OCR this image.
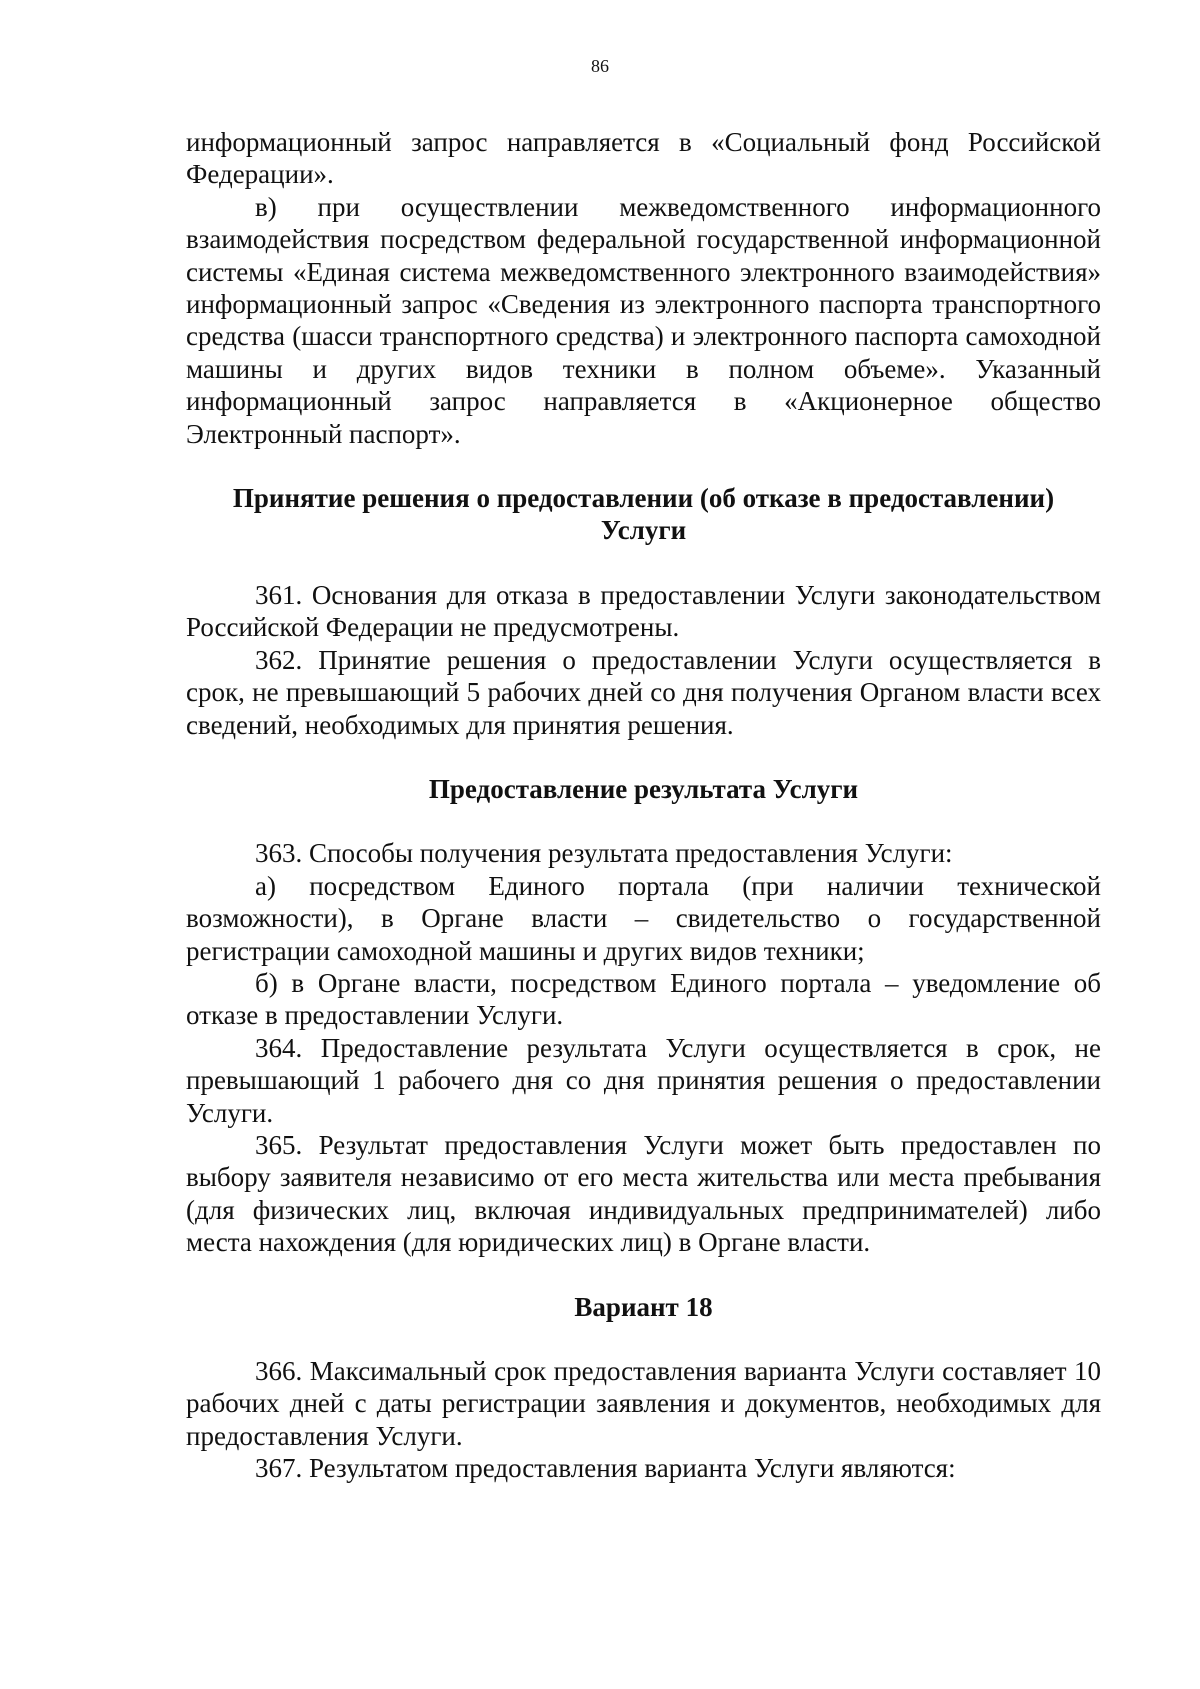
86

информационный запрос направляется в «Социальный фонд Российской Федерации».

в) при осуществлении межведомственного информационного взаимодействия посредством федеральной государственной информационной системы «Единая система межведомственного электронного взаимодействия» информационный запрос «Сведения из электронного паспорта транспортного средства (шасси транспортного средства) и электронного паспорта самоходной машины и других видов техники в полном объеме». Указанный информационный запрос направляется в «Акционерное общество Электронный паспорт».

Принятие решения о предоставлении (об отказе в предоставлении)
Услуги

361. Основания для отказа в предоставлении Услуги законодательством Российской Федерации не предусмотрены.

362. Принятие решения о предоставлении Услуги осуществляется в срок, не превышающий 5 рабочих дней со дня получения Органом власти всех сведений, необходимых для принятия решения.

Предоставление результата Услуги

363. Способы получения результата предоставления Услуги:

а) посредством Единого портала (при наличии технической возможности), в Органе власти – свидетельство о государственной регистрации самоходной машины и других видов техники;

б) в Органе власти, посредством Единого портала – уведомление об отказе в предоставлении Услуги.

364. Предоставление результата Услуги осуществляется в срок, не превышающий 1 рабочего дня со дня принятия решения о предоставлении Услуги.

365. Результат предоставления Услуги может быть предоставлен по выбору заявителя независимо от его места жительства или места пребывания (для физических лиц, включая индивидуальных предпринимателей) либо места нахождения (для юридических лиц) в Органе власти.

Вариант 18

366. Максимальный срок предоставления варианта Услуги составляет 10 рабочих дней с даты регистрации заявления и документов, необходимых для предоставления Услуги.

367. Результатом предоставления варианта Услуги являются:
